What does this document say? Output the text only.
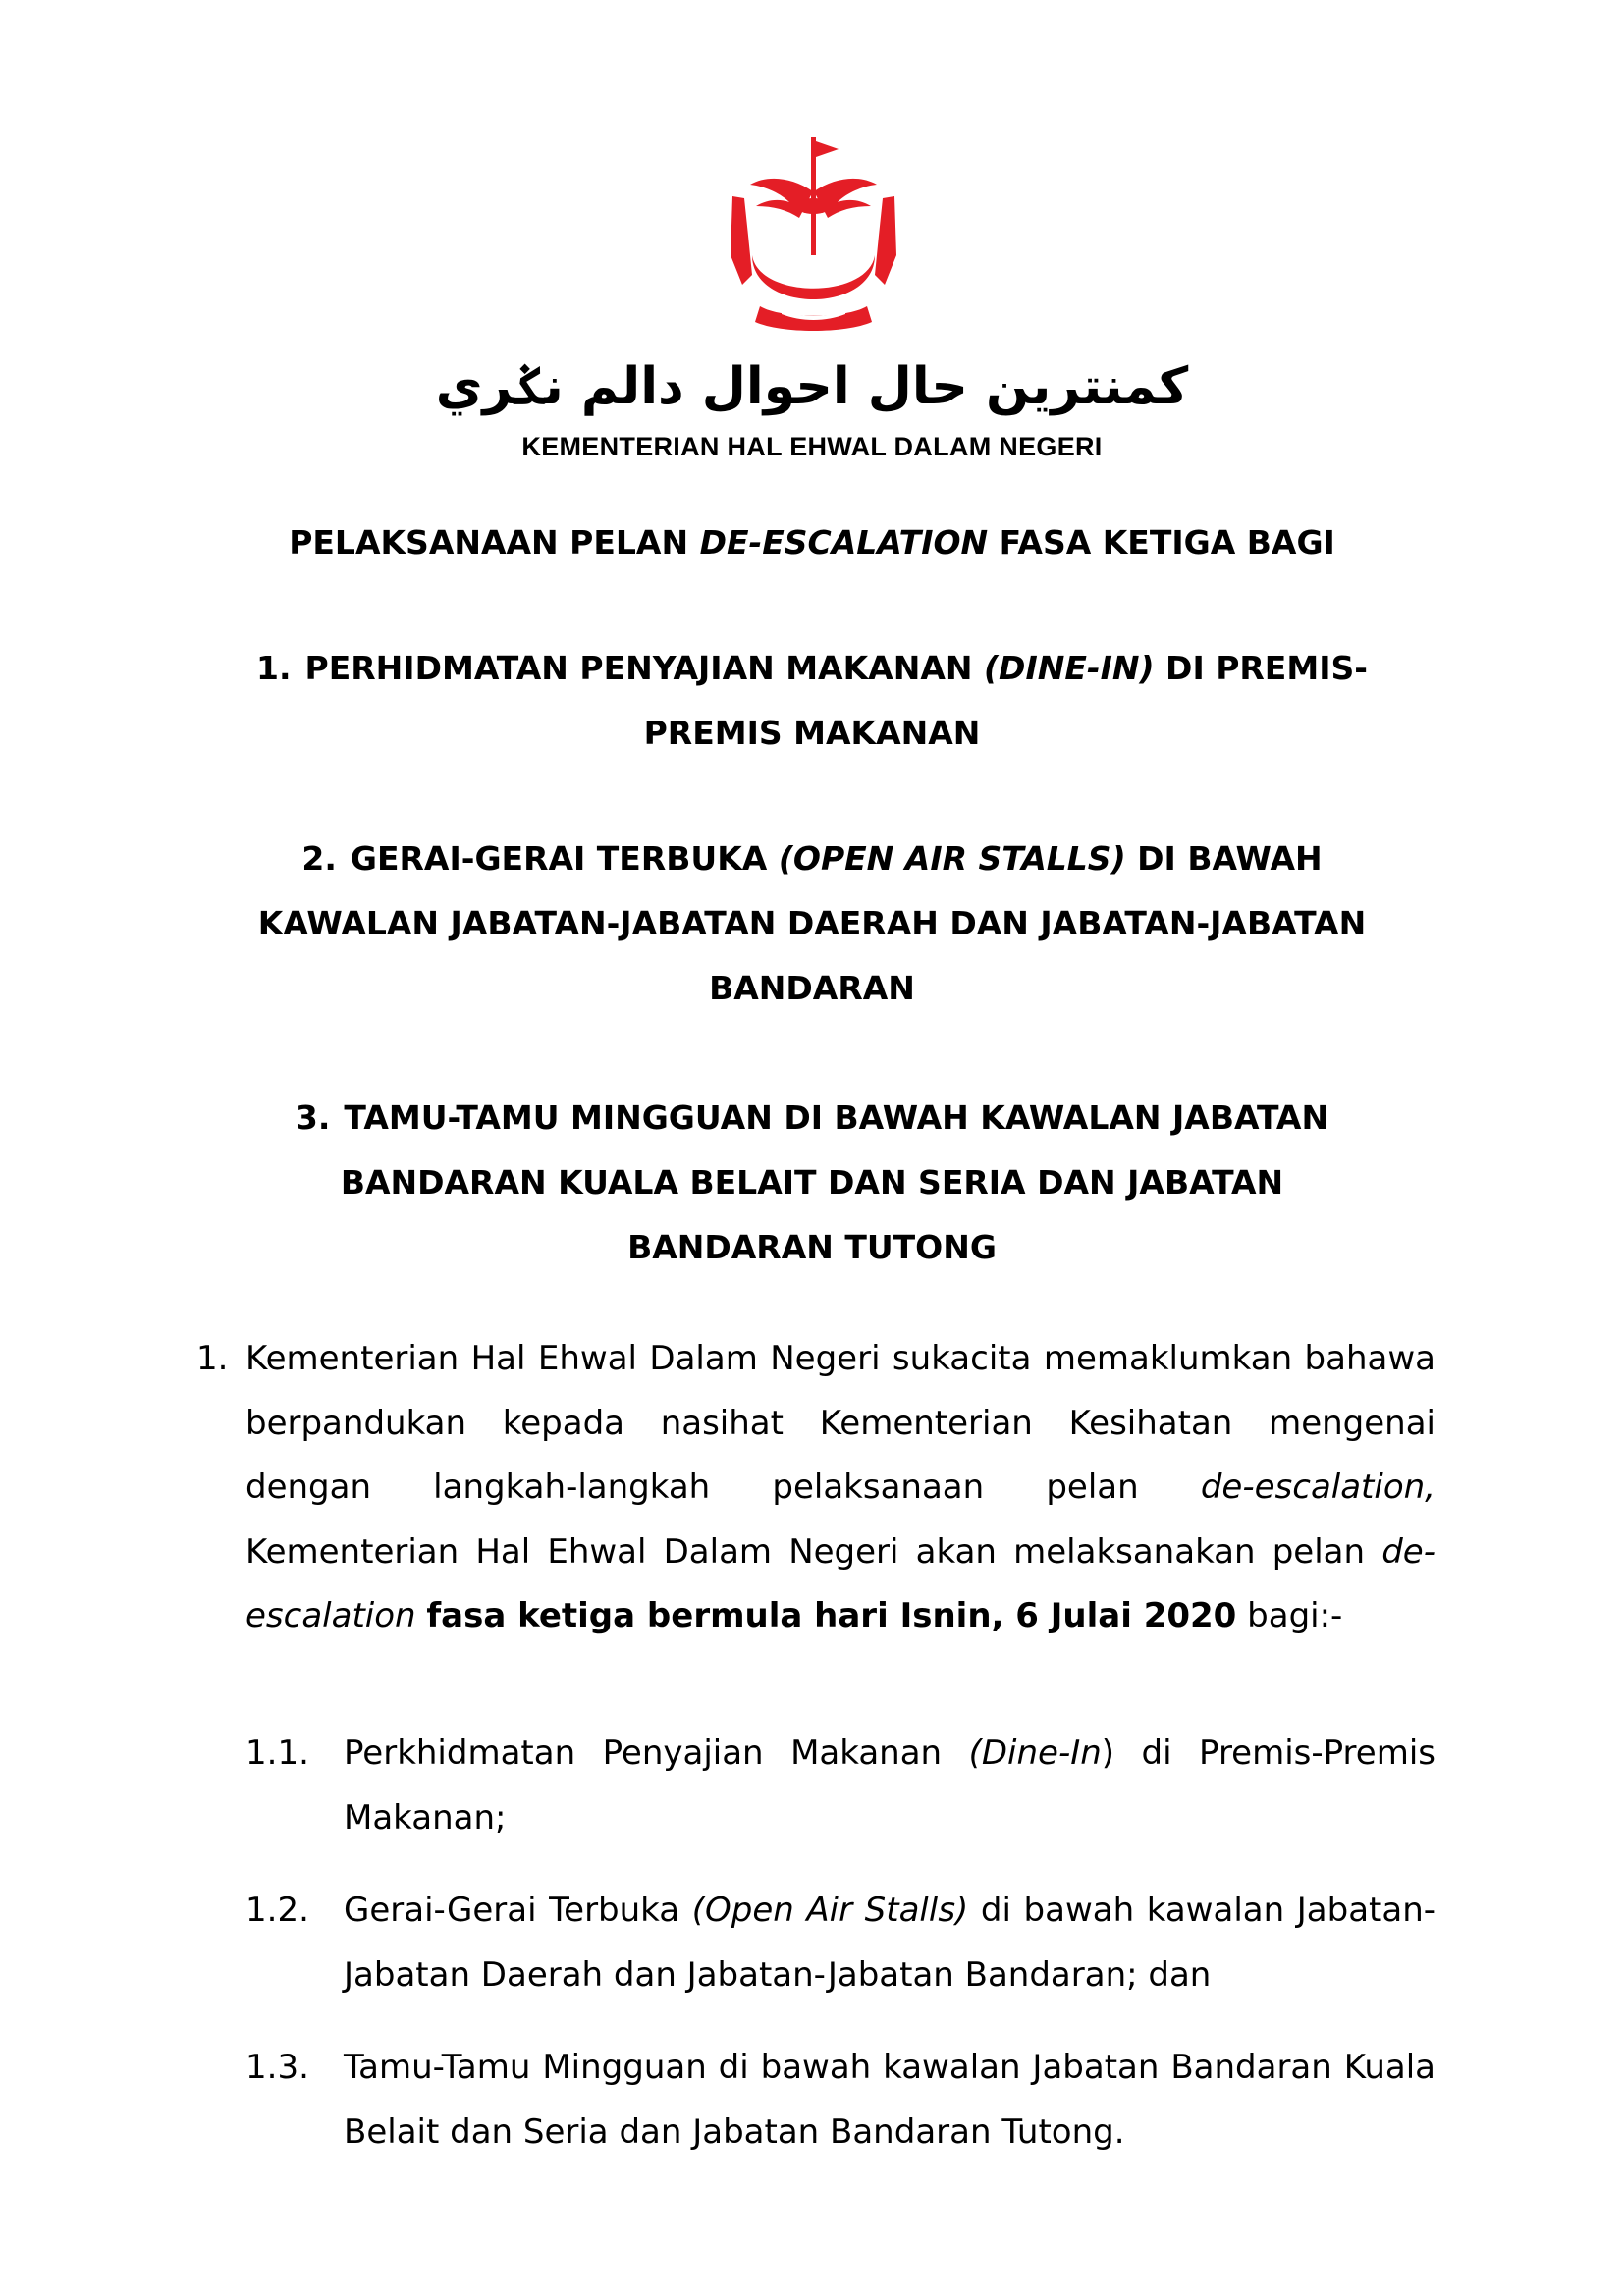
كمنترين حال احوال دالم نݢري
KEMENTERIAN HAL EHWAL DALAM NEGERI
PELAKSANAAN PELAN DE-ESCALATION FASA KETIGA BAGI
1. PERHIDMATAN PENYAJIAN MAKANAN (DINE-IN) DI PREMIS-PREMIS MAKANAN
2. GERAI-GERAI TERBUKA (OPEN AIR STALLS) DI BAWAH KAWALAN JABATAN-JABATAN DAERAH DAN JABATAN-JABATAN BANDARAN
3. TAMU-TAMU MINGGUAN DI BAWAH KAWALAN JABATAN BANDARAN KUALA BELAIT DAN SERIA DAN JABATAN BANDARAN TUTONG
1. Kementerian Hal Ehwal Dalam Negeri sukacita memaklumkan bahawa berpandukan kepada nasihat Kementerian Kesihatan mengenai dengan langkah-langkah pelaksanaan pelan de-escalation, Kementerian Hal Ehwal Dalam Negeri akan melaksanakan pelan de-escalation fasa ketiga bermula hari Isnin, 6 Julai 2020 bagi:-
1.1. Perkhidmatan Penyajian Makanan (Dine-In) di Premis-Premis Makanan;
1.2. Gerai-Gerai Terbuka (Open Air Stalls) di bawah kawalan Jabatan-Jabatan Daerah dan Jabatan-Jabatan Bandaran; dan
1.3. Tamu-Tamu Mingguan di bawah kawalan Jabatan Bandaran Kuala Belait dan Seria dan Jabatan Bandaran Tutong.
